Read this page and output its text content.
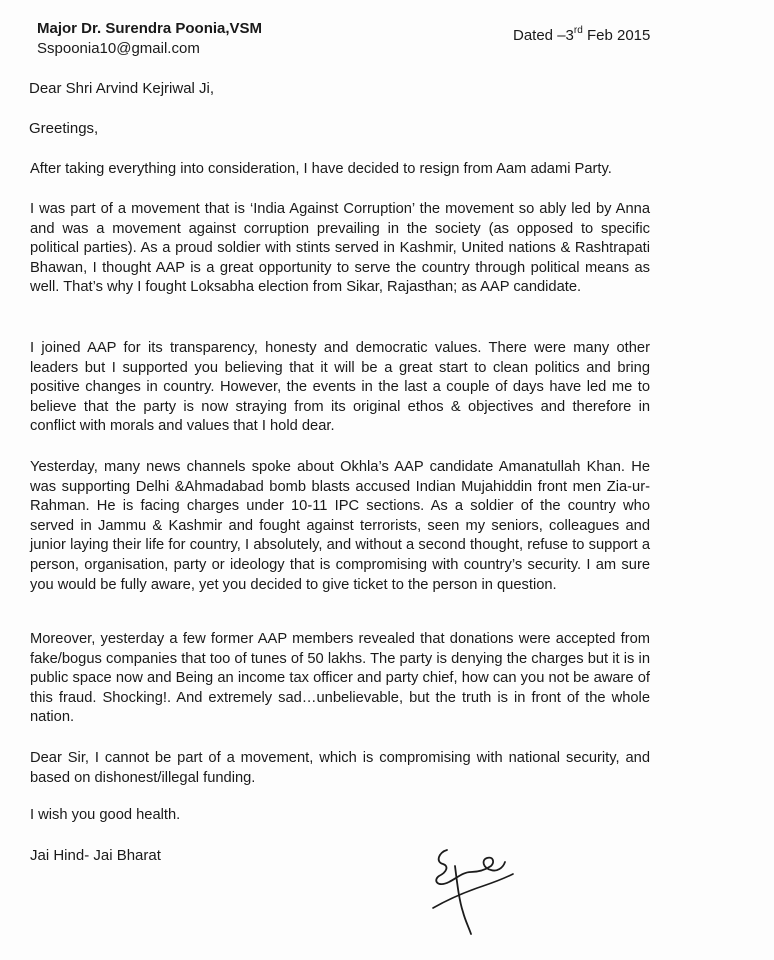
Major Dr. Surendra Poonia,VSM
Sspoonia10@gmail.com
Dated –3rd Feb 2015
Dear Shri Arvind Kejriwal Ji,
Greetings,
After taking everything into consideration, I have decided to resign from Aam adami Party.
I was part of a movement that is ‘India Against Corruption’ the movement so ably led by Anna and was a movement against corruption prevailing in the society (as opposed to specific political parties). As a proud soldier with stints served in Kashmir, United nations & Rashtrapati Bhawan, I thought AAP is a great opportunity to serve the country through political means as well. That’s why I fought Loksabha election from Sikar, Rajasthan; as AAP candidate.
I joined AAP for its transparency, honesty and democratic values. There were many other leaders but I supported you believing that it will be a great start to clean politics and bring positive changes in country. However, the events in the last a couple of days have led me to believe that the party is now straying from its original ethos & objectives and therefore in conflict with morals and values that I hold dear.
Yesterday, many news channels spoke about Okhla’s AAP candidate Amanatullah Khan. He was supporting Delhi &Ahmadabad bomb blasts accused Indian Mujahiddin front men Zia-ur-Rahman. He is facing charges under 10-11 IPC sections. As a soldier of the country who served in Jammu & Kashmir and fought against terrorists, seen my seniors, colleagues and junior laying their life for country, I absolutely, and without a second thought, refuse to support a person, organisation, party or ideology that is compromising with country’s security. I am sure you would be fully aware, yet you decided to give ticket to the person in question.
Moreover, yesterday a few former AAP members revealed that donations were accepted from fake/bogus companies that too of tunes of 50 lakhs. The party is denying the charges but it is in public space now and Being an income tax officer and party chief, how can you not be aware of this fraud. Shocking!. And extremely sad…unbelievable, but the truth is in front of the whole nation.
Dear Sir, I cannot be part of a movement, which is compromising with national security, and based on dishonest/illegal funding.
I wish you good health.
Jai Hind- Jai Bharat
